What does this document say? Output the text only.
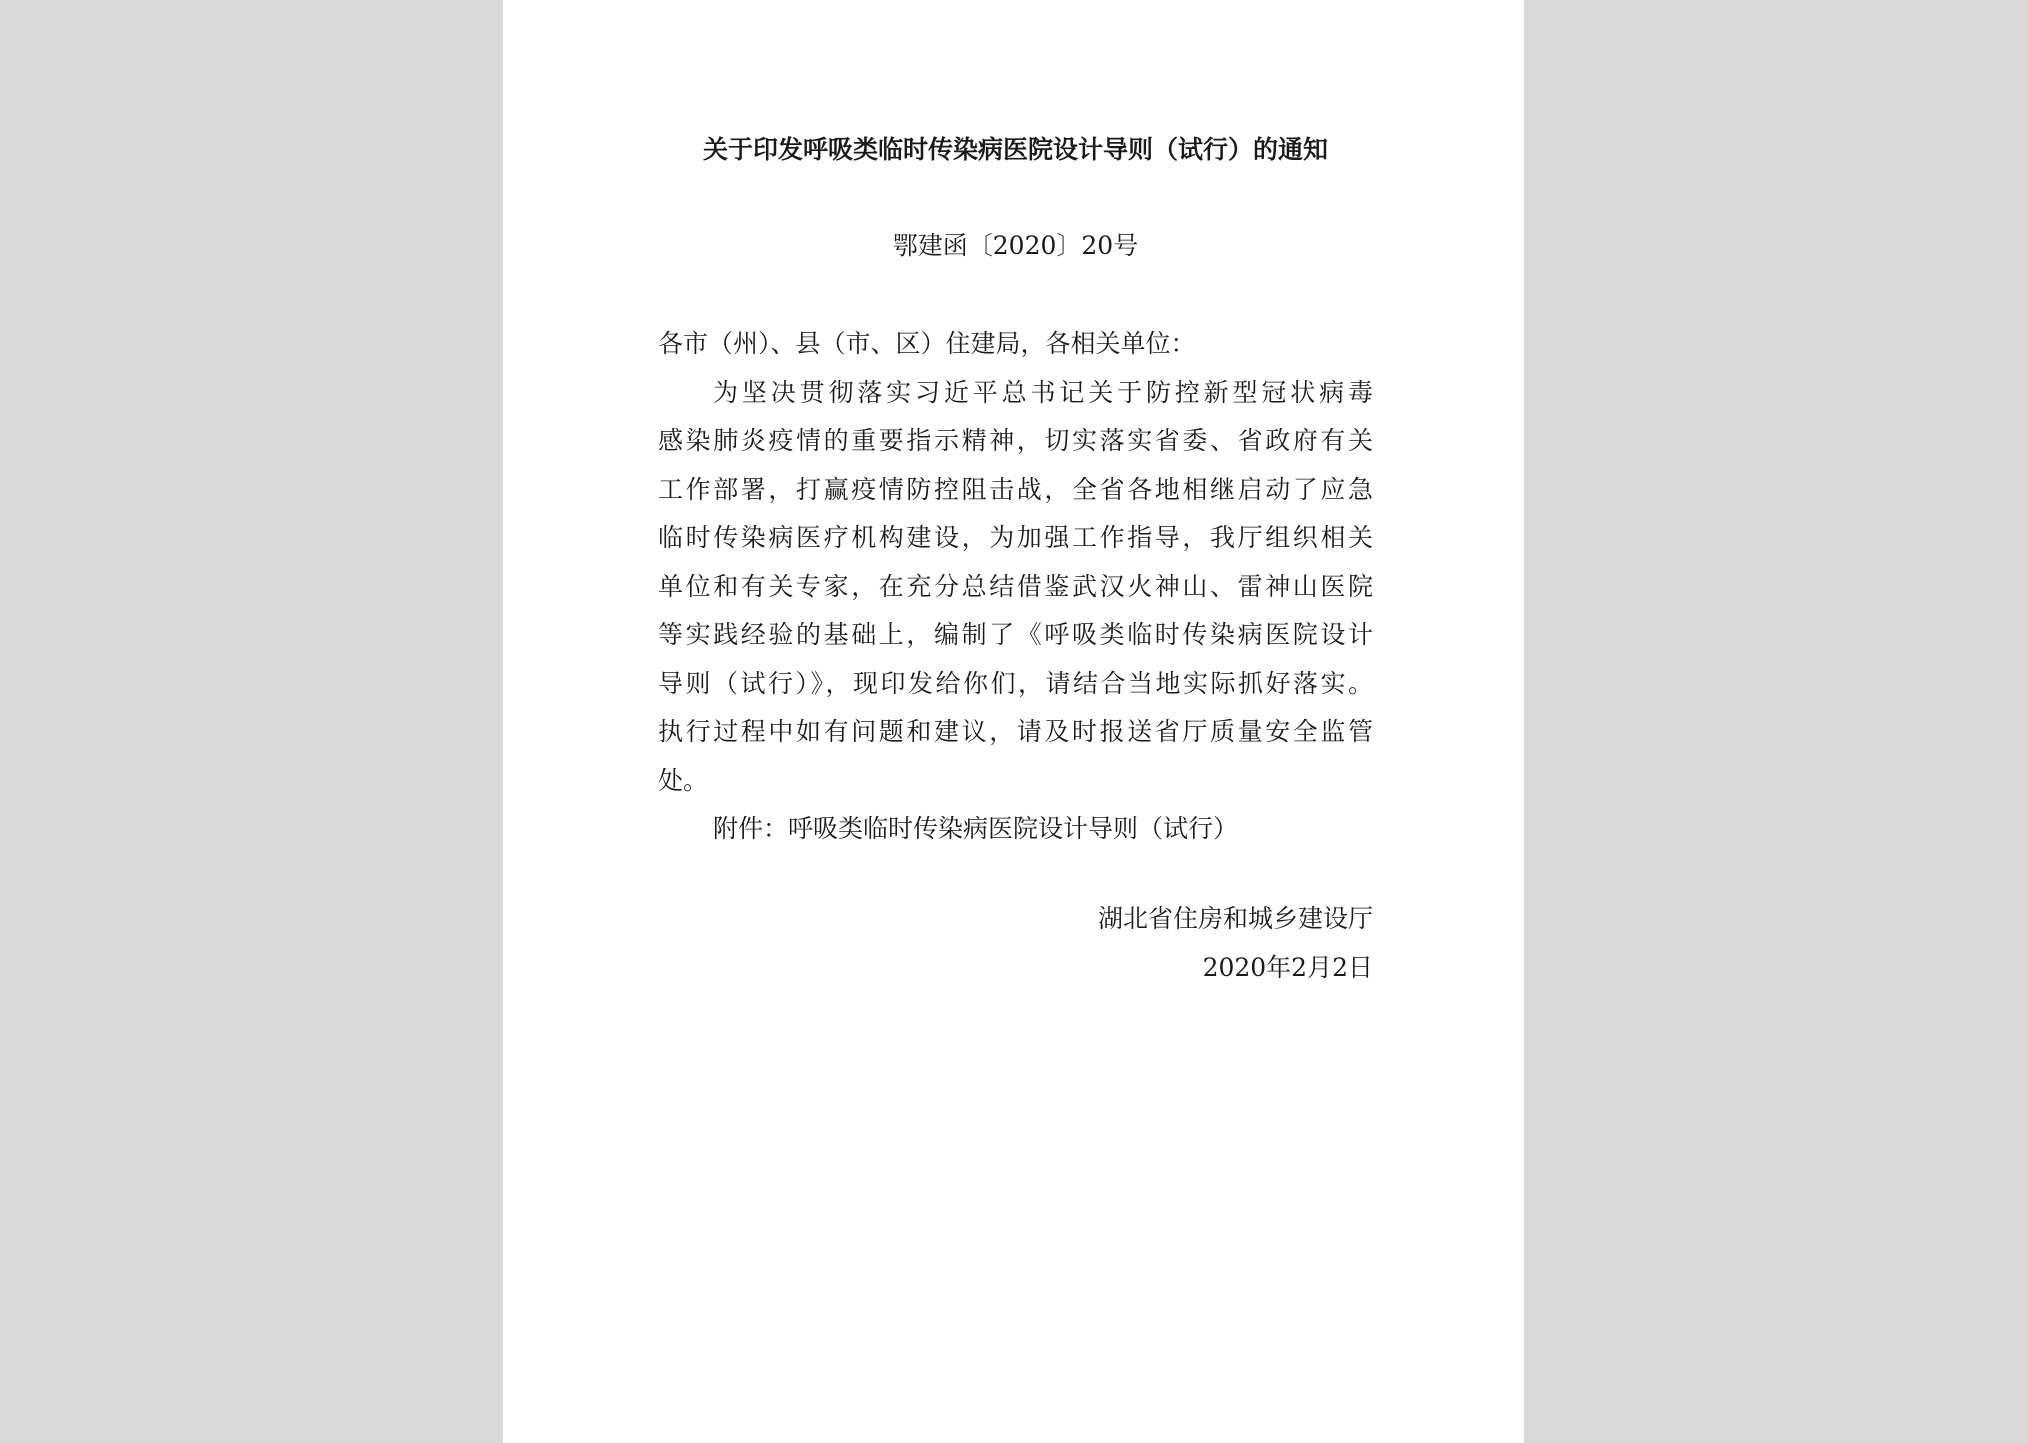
关于印发呼吸类临时传染病医院设计导则（试行）的通知
鄂建函〔2020〕20号
各市（州）、县（市、区）住建局，各相关单位：
为坚决贯彻落实习近平总书记关于防控新型冠状病毒
感染肺炎疫情的重要指示精神，切实落实省委、省政府有关
工作部署，打赢疫情防控阻击战，全省各地相继启动了应急
临时传染病医疗机构建设，为加强工作指导，我厅组织相关
单位和有关专家，在充分总结借鉴武汉火神山、雷神山医院
等实践经验的基础上，编制了《呼吸类临时传染病医院设计
导则（试行）》，现印发给你们，请结合当地实际抓好落实。
执行过程中如有问题和建议，请及时报送省厅质量安全监管
处。
附件：呼吸类临时传染病医院设计导则（试行）
湖北省住房和城乡建设厅
2020年2月2日
